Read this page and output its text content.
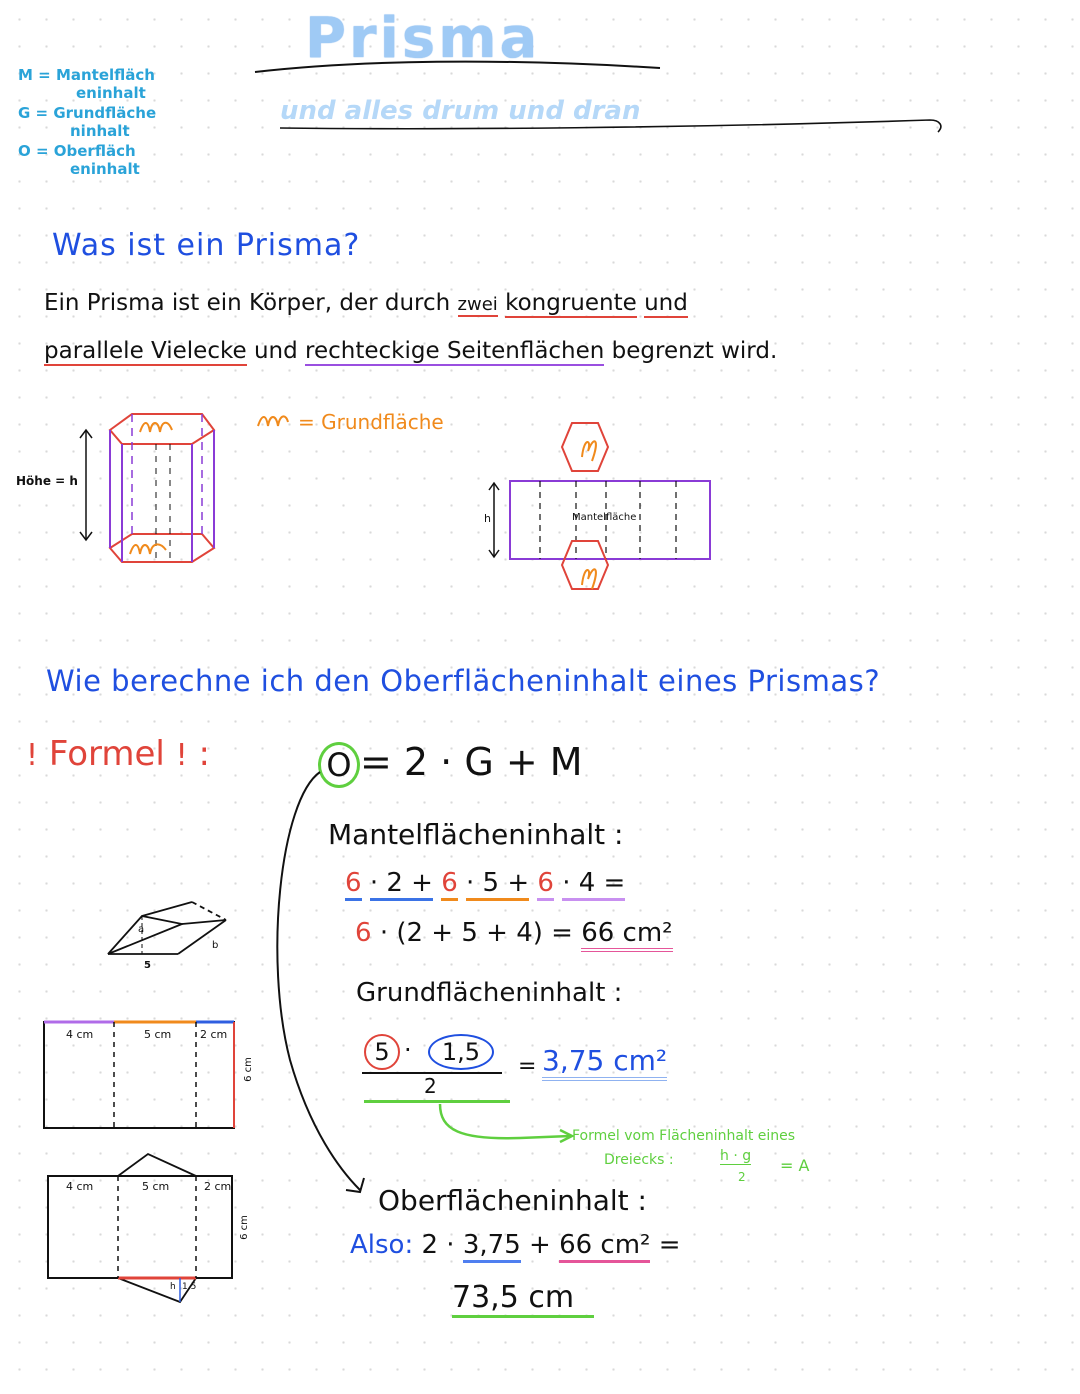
M = Mantelfläch
eninhalt
G = Grundfläche
ninhalt
O = Oberfläch
eninhalt
Prisma
und alles drum und dran
Was ist ein Prisma?
Ein Prisma ist ein Körper, der durch zwei kongruente und
parallele Vielecke und rechteckige Seitenflächen begrenzt wird.
= Grundfläche
Höhe = h
h	Mantelfläche
Wie berechne ich den Oberflächeninhalt eines Prismas?
! Formel ! :	O = 2 · G + M
Mantelflächeninhalt :
6 · 2 + 6 · 5 + 6 · 4 =
6 · (2 + 5 + 4) = 66 cm²
Grundflächeninhalt :
5 ·	1,5
2
= 3,75 cm²
Formel vom Flächeninhalt eines
Dreiecks :	h · g
2
= A
Oberflächeninhalt :
Also: 2 · 3,75 + 66 cm² =
73,5 cm
a
b
5
4 cm	5 cm	2 cm
6 cm
4 cm	5 cm	2 cm
6 cm
h 1,5
